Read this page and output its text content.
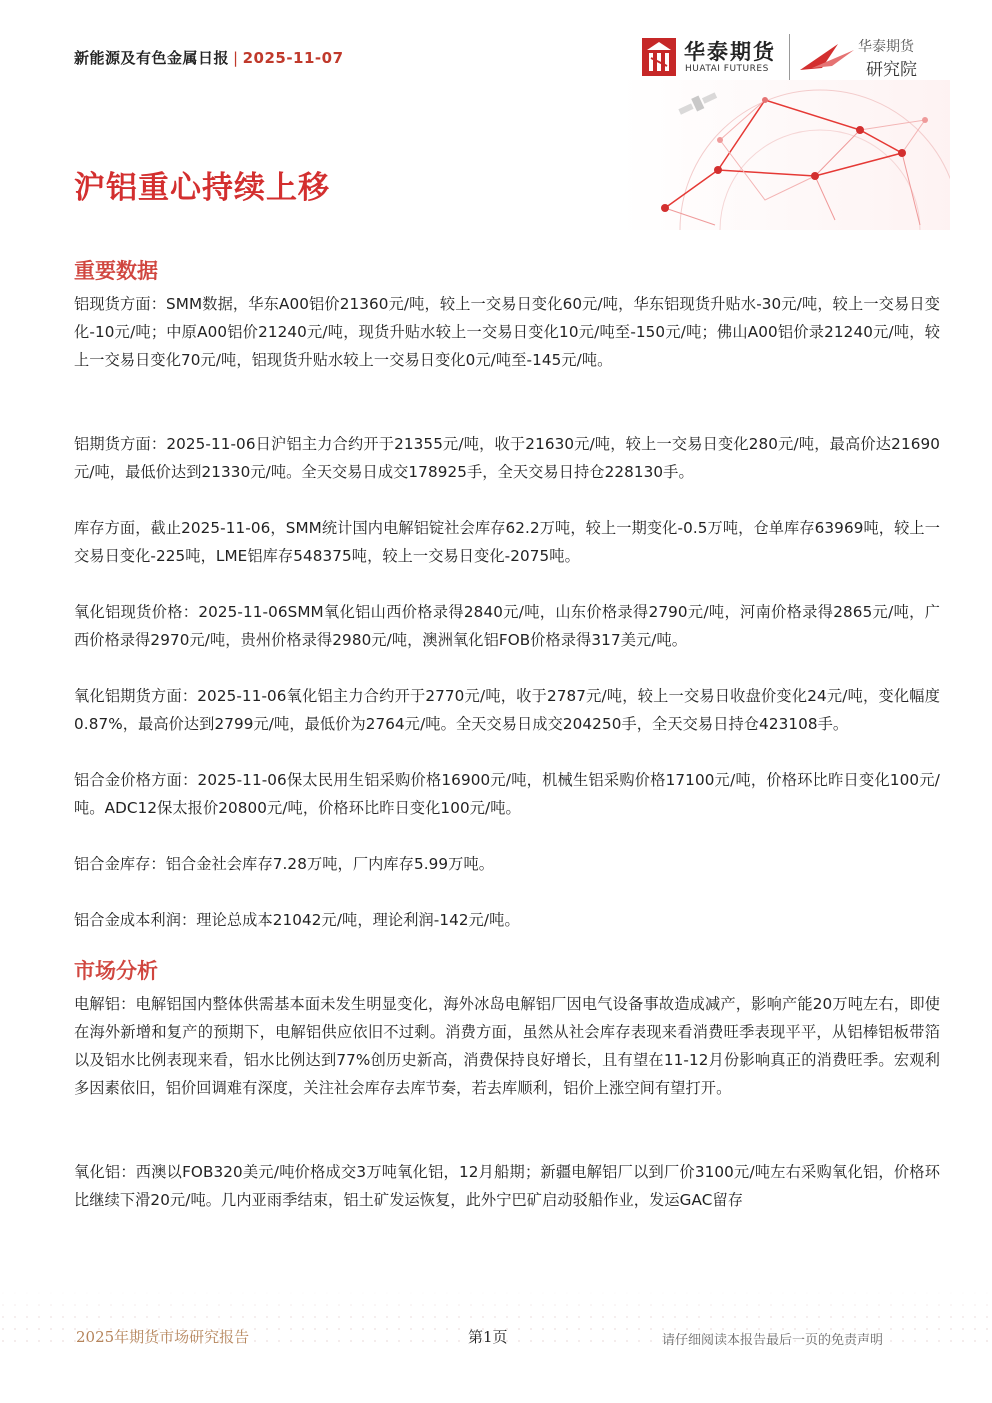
新能源及有色金属日报 | 2025-11-07	华泰期货
HUATAI FUTURES
华泰期货
研究院
沪铝重心持续上移
重要数据

铝现货方面：SMM数据，华东A00铝价21360元/吨，较上一交易日变化60元/吨，华东铝现货升贴水-30元/吨，较上一交易日变化-10元/吨；中原A00铝价21240元/吨，现货升贴水较上一交易日变化10元/吨至-150元/吨；佛山A00铝价录21240元/吨，较上一交易日变化70元/吨，铝现货升贴水较上一交易日变化0元/吨至-145元/吨。

铝期货方面：2025-11-06日沪铝主力合约开于21355元/吨，收于21630元/吨，较上一交易日变化280元/吨，最高价达21690元/吨，最低价达到21330元/吨。全天交易日成交178925手，全天交易日持仓228130手。

库存方面，截止2025-11-06，SMM统计国内电解铝锭社会库存62.2万吨，较上一期变化-0.5万吨，仓单库存63969吨，较上一交易日变化-225吨，LME铝库存548375吨，较上一交易日变化-2075吨。

氧化铝现货价格：2025-11-06SMM氧化铝山西价格录得2840元/吨，山东价格录得2790元/吨，河南价格录得2865元/吨，广西价格录得2970元/吨，贵州价格录得2980元/吨，澳洲氧化铝FOB价格录得317美元/吨。

氧化铝期货方面：2025-11-06氧化铝主力合约开于2770元/吨，收于2787元/吨，较上一交易日收盘价变化24元/吨，变化幅度0.87%，最高价达到2799元/吨，最低价为2764元/吨。全天交易日成交204250手，全天交易日持仓423108手。

铝合金价格方面：2025-11-06保太民用生铝采购价格16900元/吨，机械生铝采购价格17100元/吨，价格环比昨日变化100元/吨。ADC12保太报价20800元/吨，价格环比昨日变化100元/吨。

铝合金库存：铝合金社会库存7.28万吨，厂内库存5.99万吨。

铝合金成本利润：理论总成本21042元/吨，理论利润-142元/吨。

市场分析

电解铝：电解铝国内整体供需基本面未发生明显变化，海外冰岛电解铝厂因电气设备事故造成减产，影响产能20万吨左右，即使在海外新增和复产的预期下，电解铝供应依旧不过剩。消费方面，虽然从社会库存表现来看消费旺季表现平平，从铝棒铝板带箔以及铝水比例表现来看，铝水比例达到77%创历史新高，消费保持良好增长，且有望在11-12月份影响真正的消费旺季。宏观利多因素依旧，铝价回调难有深度，关注社会库存去库节奏，若去库顺利，铝价上涨空间有望打开。

氧化铝：西澳以FOB320美元/吨价格成交3万吨氧化铝，12月船期；新疆电解铝厂以到厂价3100元/吨左右采购氧化铝，价格环比继续下滑20元/吨。几内亚雨季结束，铝土矿发运恢复，此外宁巴矿启动驳船作业，发运GAC留存

2025年期货市场研究报告	第1页	请仔细阅读本报告最后一页的免责声明
